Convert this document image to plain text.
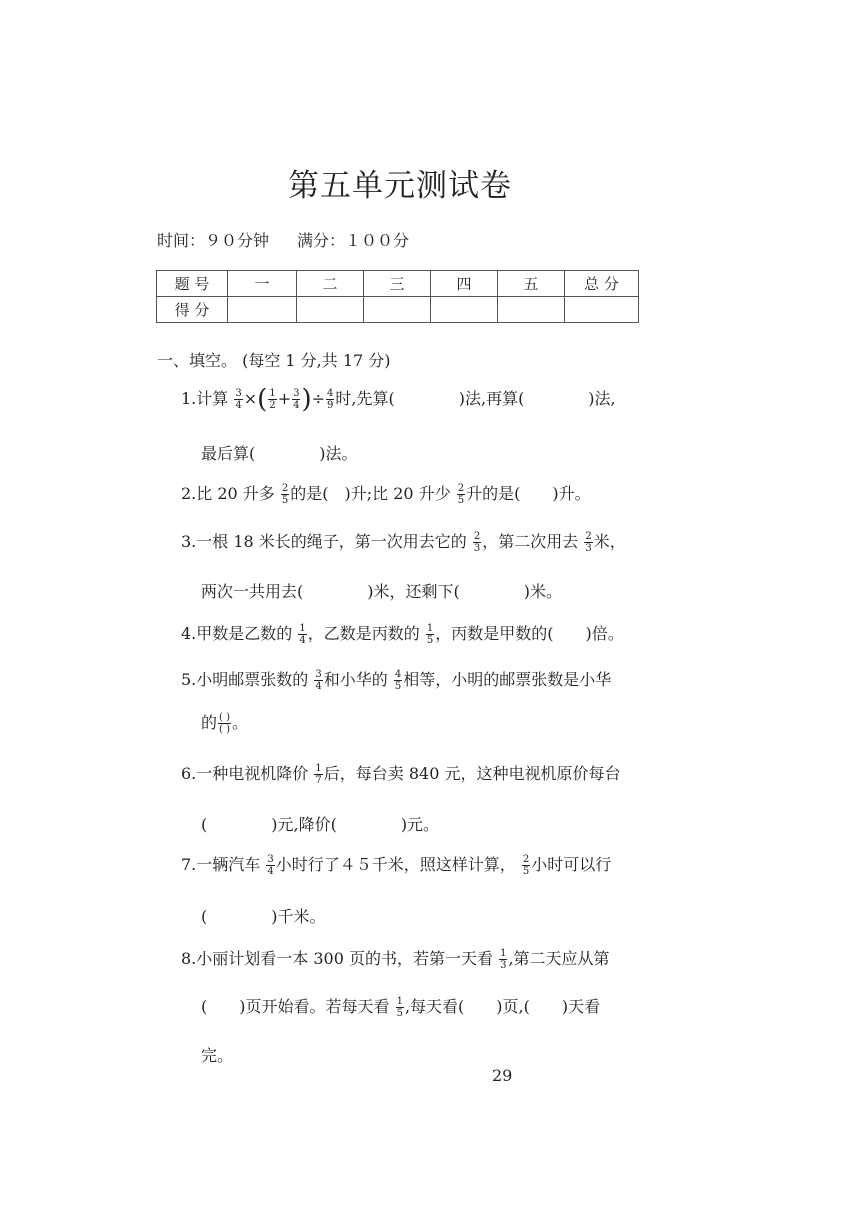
第五单元测试卷
时间：９０分钟 满分：１００分
题 号	一	二	三	四	五	总 分
得 分						
一、填空。 (每空 1 分,共 17 分)
1.计算 $\frac{3}{4}$ ×( $\frac{1}{2} + \frac{3}{4}$ )÷ $\frac{4}{9}$ 时,先算(　　　　)法,再算(　　　　)法,
最后算(　　　　)法。
2.比 20 升多 $\frac{2}{5}$ 的是(　)升;比 20 升少 $\frac{2}{5}$ 升的是(　　)升。
3.一根 18 米长的绳子，第一次用去它的 $\frac{2}{3}$ ，第二次用去 $\frac{2}{3}$ 米，
两次一共用去(　　　　)米，还剩下(　　　　)米。
4.甲数是乙数的 $\frac{1}{4}$ ，乙数是丙数的 $\frac{1}{5}$ ，丙数是甲数的(　　)倍。
5.小明邮票张数的 $\frac{3}{4}$ 和小华的 $\frac{4}{5}$ 相等，小明的邮票张数是小华
的 $\frac{( )}{( )}$ 。
6.一种电视机降价 $\frac{1}{7}$ 后，每台卖 840 元，这种电视机原价每台
(　　　　)元,降价(　　　　)元。
7.一辆汽车 $\frac{3}{4}$ 小时行了４５千米，照这样计算， $\frac{2}{5}$ 小时可以行
(　　　　)千米。
8.小丽计划看一本 300 页的书，若第一天看 $\frac{1}{3}$ ,第二天应从第
(　　)页开始看。若每天看 $\frac{1}{5}$ ,每天看(　　)页,(　　)天看
完。
29
